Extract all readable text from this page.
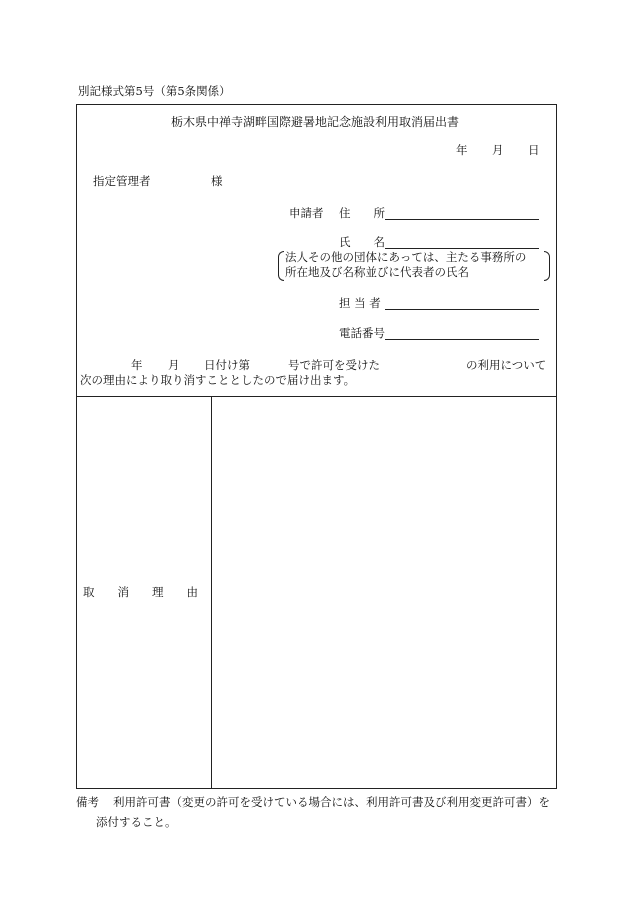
別記様式第5号（第5条関係）
栃木県中禅寺湖畔国際避暑地記念施設利用取消届出書
年 月 日
指定管理者	様
申請者 住　　所
氏　　名
法人その他の団体にあっては、主たる事務所の
所在地及び名称並びに代表者の氏名
担 当 者
電話番号
年 月 日付け第	号で許可を受けた	の利用について
次の理由により取り消すこととしたので届け出ます。
取　　消　　理　　由
備考 利用許可書（変更の許可を受けている場合には、利用許可書及び利用変更許可書）を
添付すること。
